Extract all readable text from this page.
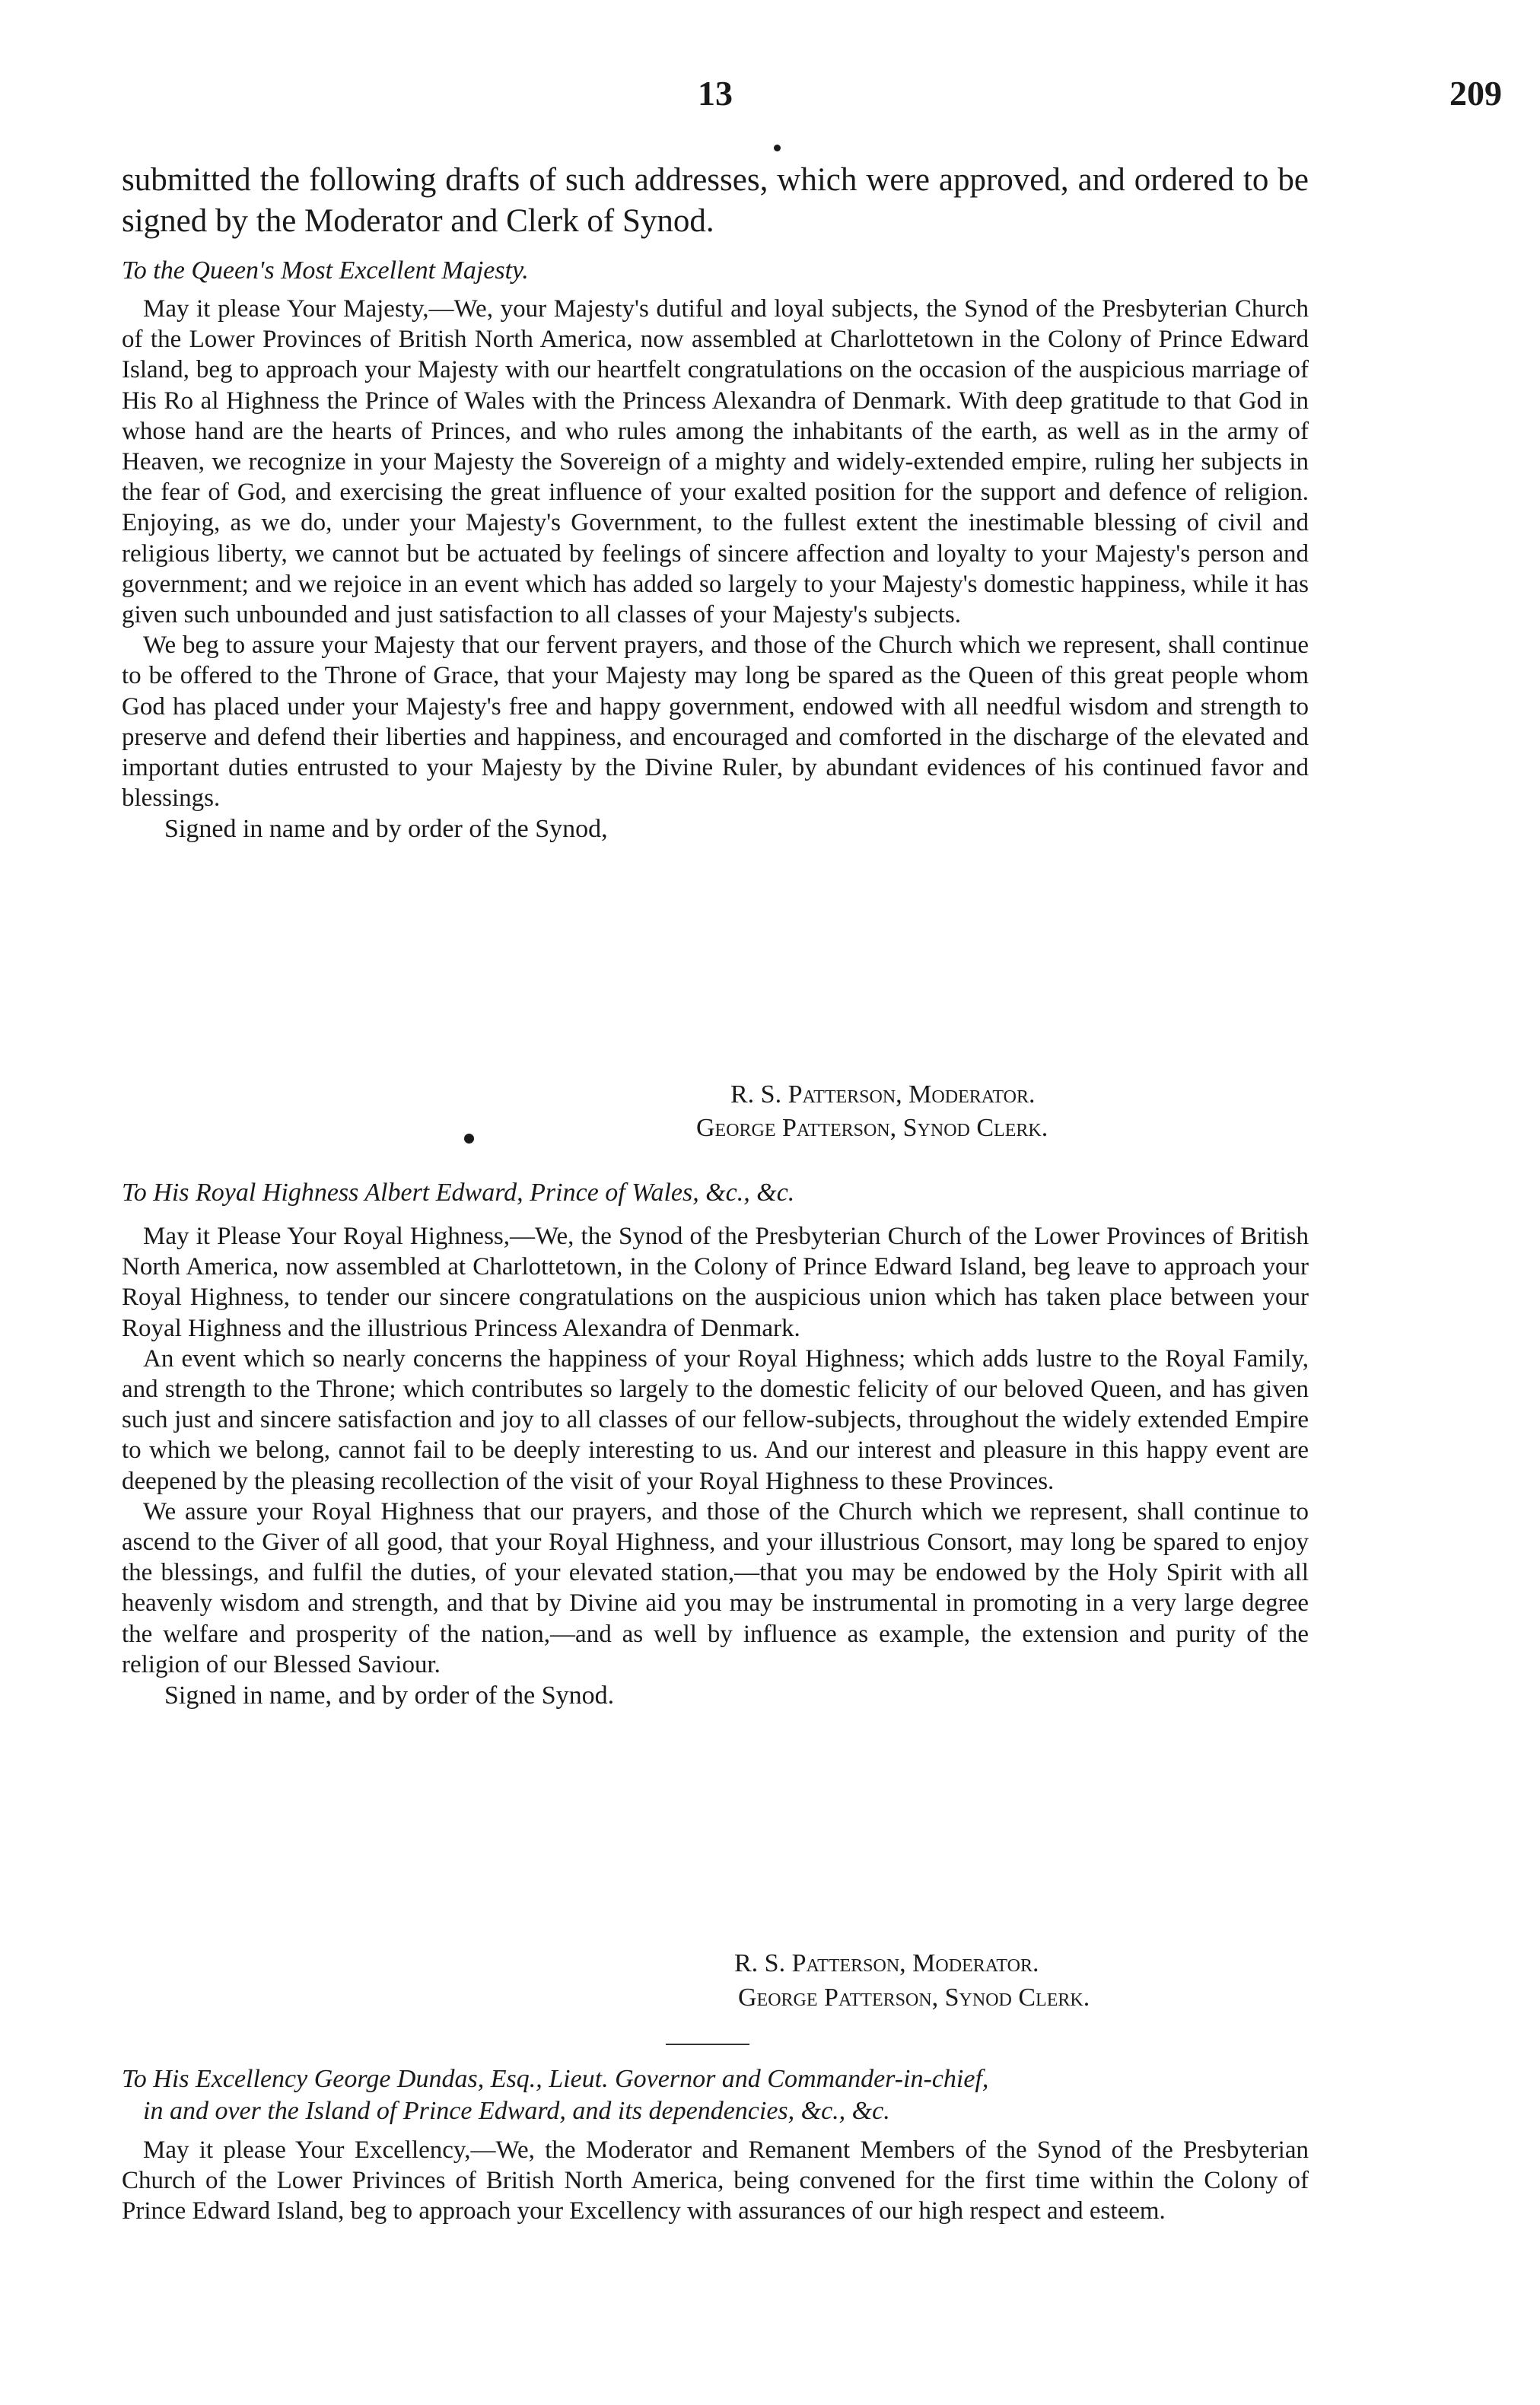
13	209
submitted the following drafts of such addresses, which were approved, and ordered to be signed by the Moderator and Clerk of Synod.
To the Queen's Most Excellent Majesty.

May it please Your Majesty,—We, your Majesty's dutiful and loyal subjects, the Synod of the Presbyterian Church of the Lower Provinces of British North America, now assembled at Charlottetown in the Colony of Prince Edward Island, beg to approach your Majesty with our heartfelt congratulations on the occasion of the auspicious marriage of His Ro al Highness the Prince of Wales with the Princess Alexandra of Denmark. With deep gratitude to that God in whose hand are the hearts of Princes, and who rules among the inhabitants of the earth, as well as in the army of Heaven, we recognize in your Majesty the Sovereign of a mighty and widely-extended empire, ruling her subjects in the fear of God, and exercising the great influence of your exalted position for the support and defence of religion. Enjoying, as we do, under your Majesty's Government, to the fullest extent the inestimable blessing of civil and religious liberty, we cannot but be actuated by feelings of sincere affection and loyalty to your Majesty's person and government; and we rejoice in an event which has added so largely to your Majesty's domestic happiness, while it has given such unbounded and just satisfaction to all classes of your Majesty's subjects.

We beg to assure your Majesty that our fervent prayers, and those of the Church which we represent, shall continue to be offered to the Throne of Grace, that your Majesty may long be spared as the Queen of this great people whom God has placed under your Majesty's free and happy government, endowed with all needful wisdom and strength to preserve and defend their liberties and happiness, and encouraged and comforted in the discharge of the elevated and important duties entrusted to your Majesty by the Divine Ruler, by abundant evidences of his continued favor and blessings.

Signed in name and by order of the Synod,

R. S. Patterson, Moderator.
George Patterson, Synod Clerk.
To His Royal Highness Albert Edward, Prince of Wales, &c., &c.

May it Please Your Royal Highness,—We, the Synod of the Presbyterian Church of the Lower Provinces of British North America, now assembled at Charlottetown, in the Colony of Prince Edward Island, beg leave to approach your Royal Highness, to tender our sincere congratulations on the auspicious union which has taken place between your Royal Highness and the illustrious Princess Alexandra of Denmark.

An event which so nearly concerns the happiness of your Royal Highness; which adds lustre to the Royal Family, and strength to the Throne; which contributes so largely to the domestic felicity of our beloved Queen, and has given such just and sincere satisfaction and joy to all classes of our fellow-subjects, throughout the widely extended Empire to which we belong, cannot fail to be deeply interesting to us. And our interest and pleasure in this happy event are deepened by the pleasing recollection of the visit of your Royal Highness to these Provinces.

We assure your Royal Highness that our prayers, and those of the Church which we represent, shall continue to ascend to the Giver of all good, that your Royal Highness, and your illustrious Consort, may long be spared to enjoy the blessings, and fulfil the duties, of your elevated station,—that you may be endowed by the Holy Spirit with all heavenly wisdom and strength, and that by Divine aid you may be instrumental in promoting in a very large degree the welfare and prosperity of the nation,—and as well by influence as example, the extension and purity of the religion of our Blessed Saviour.

Signed in name, and by order of the Synod.

R. S. Patterson, Moderator.
George Patterson, Synod Clerk.
To His Excellency George Dundas, Esq., Lieut. Governor and Commander-in-chief,
in and over the Island of Prince Edward, and its dependencies, &c., &c.

May it please Your Excellency,—We, the Moderator and Remanent Members of the Synod of the Presbyterian Church of the Lower Privinces of British North America, being convened for the first time within the Colony of Prince Edward Island, beg to approach your Excellency with assurances of our high respect and esteem.
